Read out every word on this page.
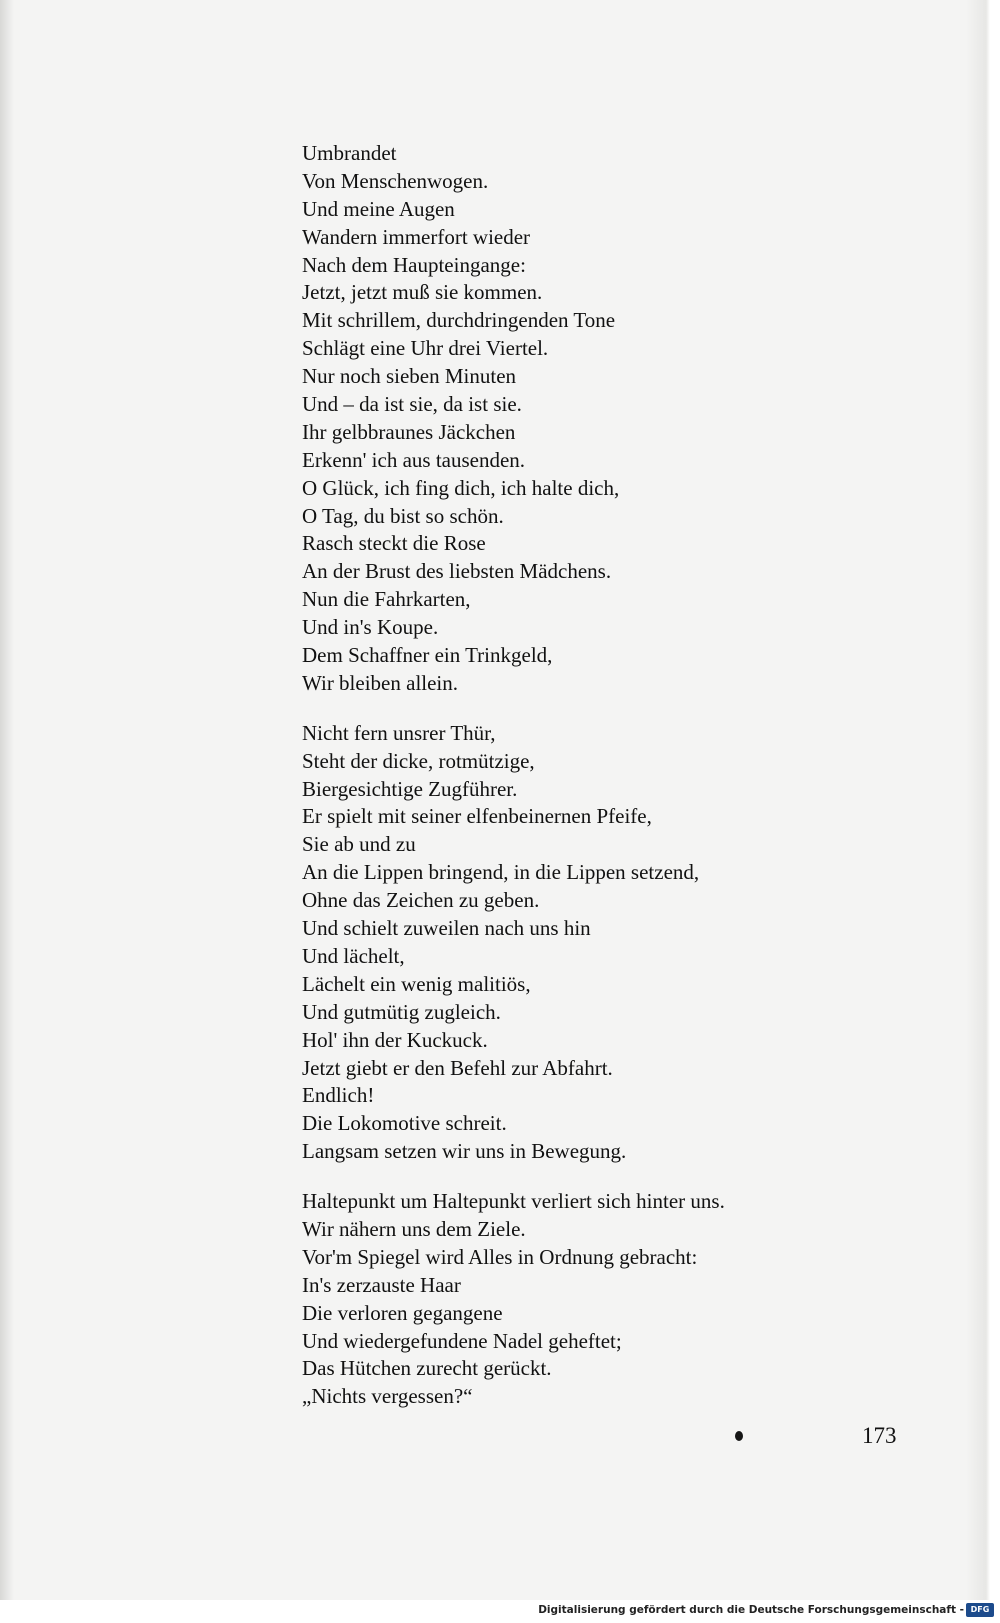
Umbrandet
Von Menschenwogen.
Und meine Augen
Wandern immerfort wieder
Nach dem Haupteingange:
Jetzt, jetzt muß sie kommen.
Mit schrillem, durchdringenden Tone
Schlägt eine Uhr drei Viertel.
Nur noch sieben Minuten
Und – da ist sie, da ist sie.
Ihr gelbbraunes Jäckchen
Erkenn' ich aus tausenden.
O Glück, ich fing dich, ich halte dich,
O Tag, du bist so schön.
Rasch steckt die Rose
An der Brust des liebsten Mädchens.
Nun die Fahrkarten,
Und in's Koupe.
Dem Schaffner ein Trinkgeld,
Wir bleiben allein.
Nicht fern unsrer Thür,
Steht der dicke, rotmützige,
Biergesichtige Zugführer.
Er spielt mit seiner elfenbeinernen Pfeife,
Sie ab und zu
An die Lippen bringend, in die Lippen setzend,
Ohne das Zeichen zu geben.
Und schielt zuweilen nach uns hin
Und lächelt,
Lächelt ein wenig malitiös,
Und gutmütig zugleich.
Hol' ihn der Kuckuck.
Jetzt giebt er den Befehl zur Abfahrt.
Endlich!
Die Lokomotive schreit.
Langsam setzen wir uns in Bewegung.
Haltepunkt um Haltepunkt verliert sich hinter uns.
Wir nähern uns dem Ziele.
Vor'm Spiegel wird Alles in Ordnung gebracht:
In's zerzauste Haar
Die verloren gegangene
Und wiedergefundene Nadel geheftet;
Das Hütchen zurecht gerückt.
„Nichts vergessen?“
173
Digitalisierung gefördert durch die Deutsche Forschungsgemeinschaft - DFG
